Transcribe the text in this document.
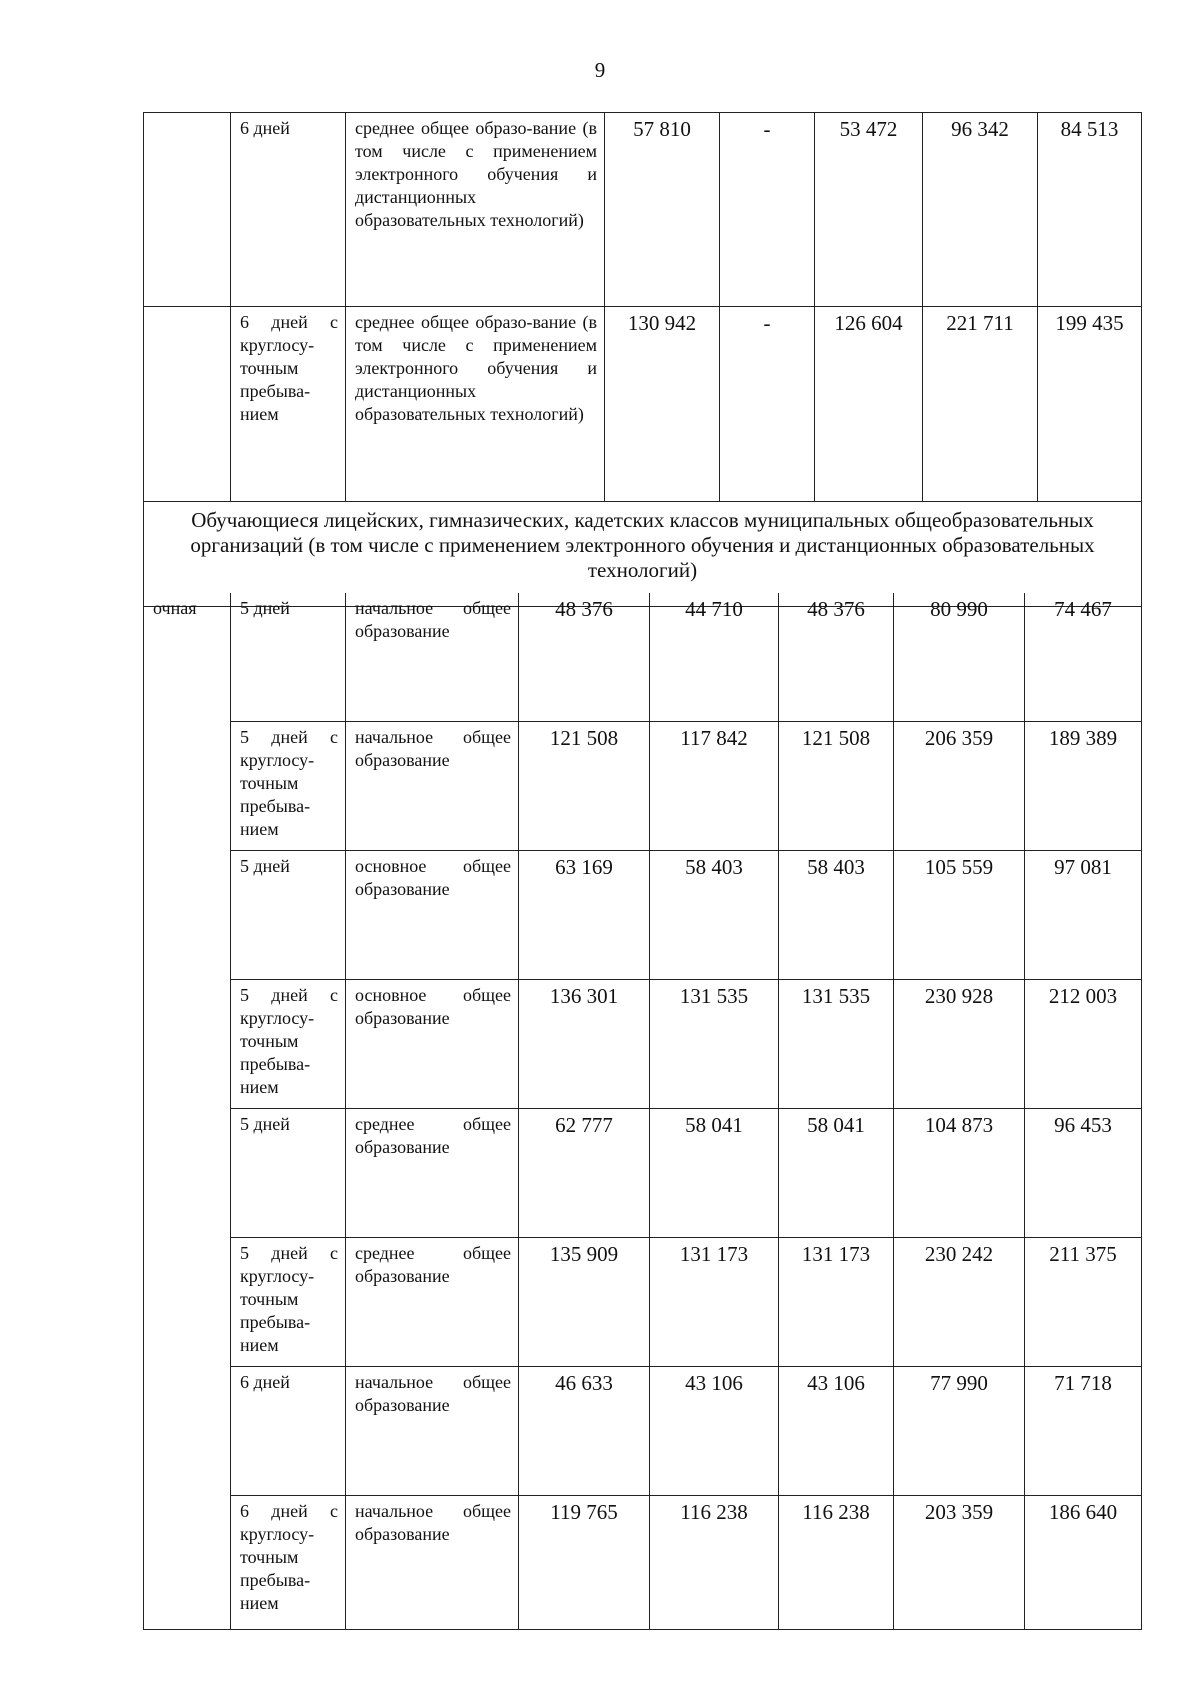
9

	6 дней	среднее общее образо-вание (в том числе с применением электронного обучения и дистанционных образовательных технологий)	57 810	-	53 472	96 342	84 513

	6 дней с круглосу-точным пребыва-нием	среднее общее образо-вание (в том числе с применением электронного обучения и дистанционных образовательных технологий)	130 942	-	126 604	221 711	199 435

Обучающиеся лицейских, гимназических, кадетских классов муниципальных общеобразовательных организаций (в том числе с применением электронного обучения и дистанционных образовательных технологий)							
очная	5 дней	начальное общее образование	48 376	44 710	48 376	80 990	74 467

	5 дней с круглосу-точным пребыва-нием	начальное общее образование	121 508	117 842	121 508	206 359	189 389

	5 дней	основное общее образование	63 169	58 403	58 403	105 559	97 081

	5 дней с круглосу-точным пребыва-нием	основное общее образование	136 301	131 535	131 535	230 928	212 003

	5 дней	среднее общее образование	62 777	58 041	58 041	104 873	96 453

	5 дней с круглосу-точным пребыва-нием	среднее общее образование	135 909	131 173	131 173	230 242	211 375

	6 дней	начальное общее образование	46 633	43 106	43 106	77 990	71 718

	6 дней с круглосу-точным пребыва-нием	начальное общее образование	119 765	116 238	116 238	203 359	186 640
